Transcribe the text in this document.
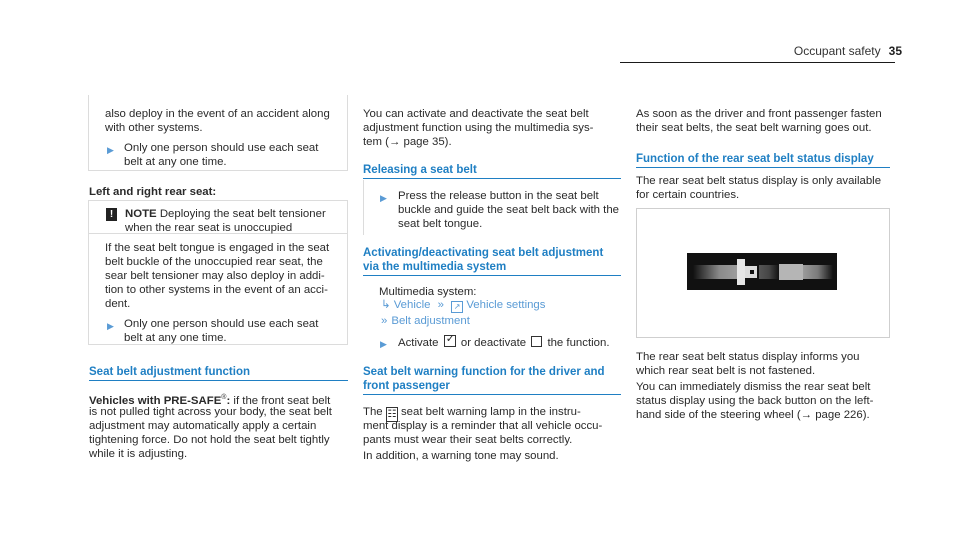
Occupant safety 35

also deploy in the event of an accident along

with other systems.

▶ Only one person should use each seat

belt at any one time.

Left and right rear seat:

!	NOTE Deploying the seat belt tensioner

when the rear seat is unoccupied

If the seat belt tongue is engaged in the seat

belt buckle of the unoccupied rear seat, the

sear belt tensioner may also deploy in addi-

tion to other systems in the event of an acci-

dent.

▶ Only one person should use each seat

belt at any one time.

Seat belt adjustment function

Vehicles with PRE-SAFE®: if the front seat belt

is not pulled tight across your body, the seat belt

adjustment may automatically apply a certain

tightening force. Do not hold the seat belt tightly

while it is adjusting.

You can activate and deactivate the seat belt

adjustment function using the multimedia sys-

tem (→ page 35).

Releasing a seat belt

▶ Press the release button in the seat belt

buckle and guide the seat belt back with the

seat belt tongue.

Activating/deactivating seat belt adjustment

via the multimedia system

Multimedia system:

↳ Vehicle » ↗ Vehicle settings

» Belt adjustment

▶ Activate ✓ or deactivate the function.

Seat belt warning function for the driver and

front passenger

The ☷ seat belt warning lamp in the instru-

ment display is a reminder that all vehicle occu-

pants must wear their seat belts correctly.

In addition, a warning tone may sound.

As soon as the driver and front passenger fasten

their seat belts, the seat belt warning goes out.

Function of the rear seat belt status display

The rear seat belt status display is only available

for certain countries.

The rear seat belt status display informs you

which rear seat belt is not fastened.

You can immediately dismiss the rear seat belt

status display using the back button on the left-

hand side of the steering wheel (→ page 226).
